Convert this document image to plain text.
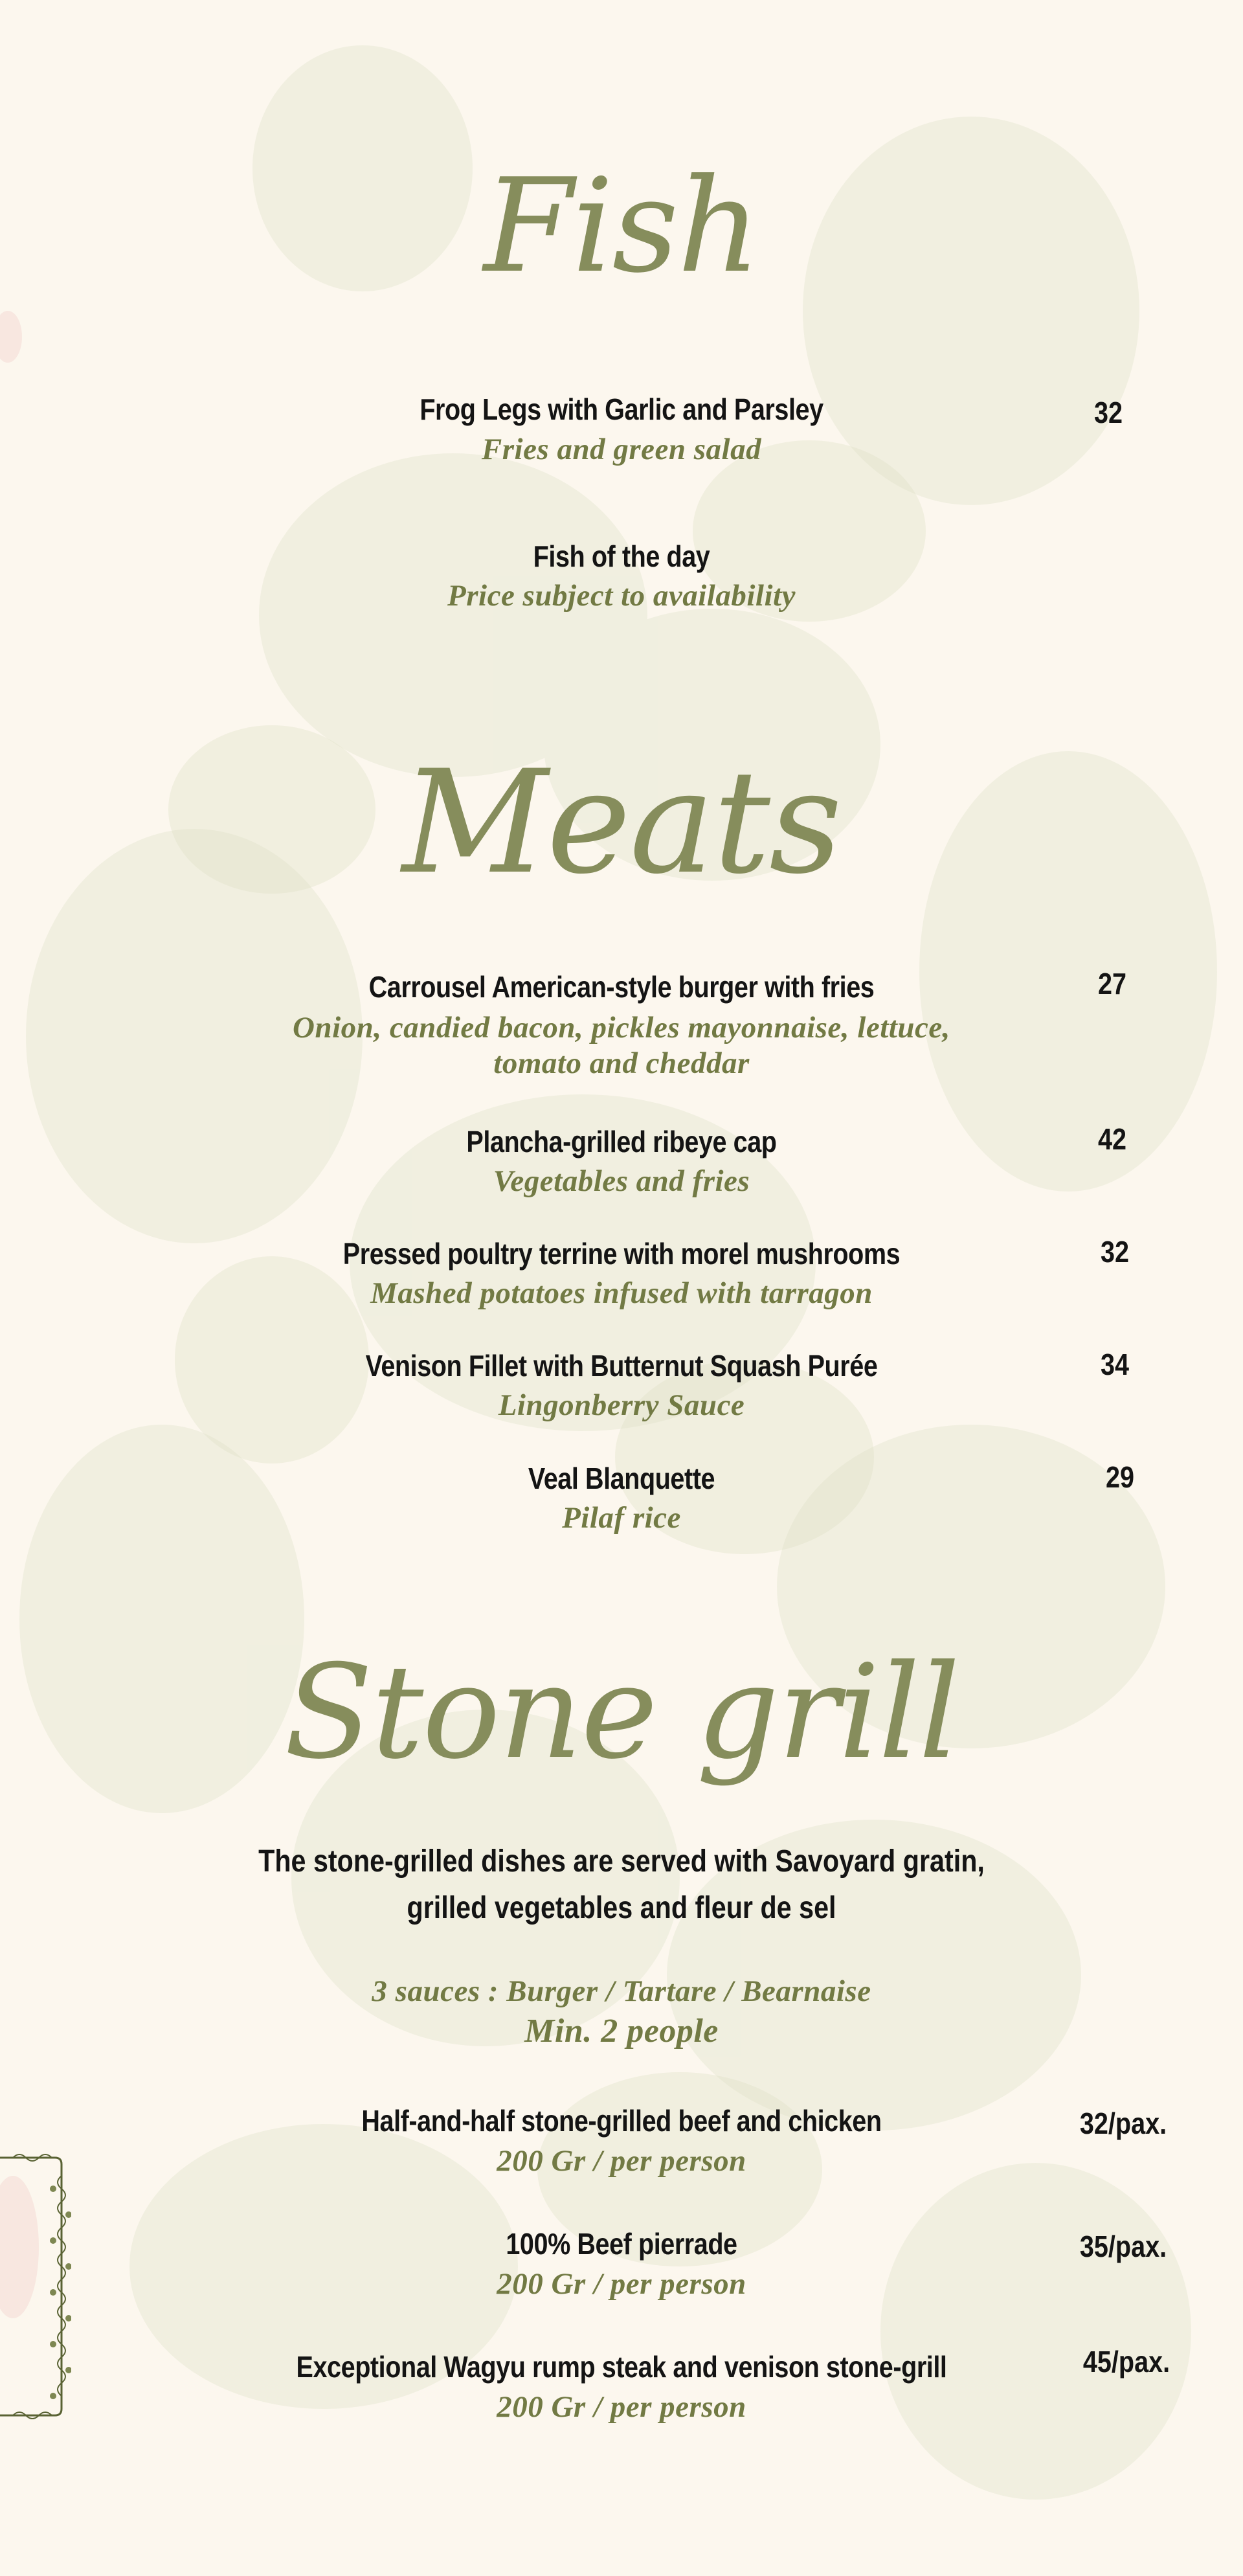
Fish
Frog Legs with Garlic and Parsley	32
Fries and green salad
Fish of the day
Price subject to availability
Meats
Carrousel American-style burger with fries	27
Onion, candied bacon, pickles mayonnaise, lettuce,
tomato and cheddar
Plancha-grilled ribeye cap	42
Vegetables and fries
Pressed poultry terrine with morel mushrooms	32
Mashed potatoes infused with tarragon
Venison Fillet with Butternut Squash Purée	34
Lingonberry Sauce
Veal Blanquette	29
Pilaf rice
Stone grill
The stone-grilled dishes are served with Savoyard gratin,
grilled vegetables and fleur de sel
3 sauces : Burger / Tartare / Bearnaise
Min. 2 people
Half-and-half stone-grilled beef and chicken	32/pax.
200 Gr / per person
100% Beef pierrade	35/pax.
200 Gr / per person
Exceptional Wagyu rump steak and venison stone-grill	45/pax.
200 Gr / per person
